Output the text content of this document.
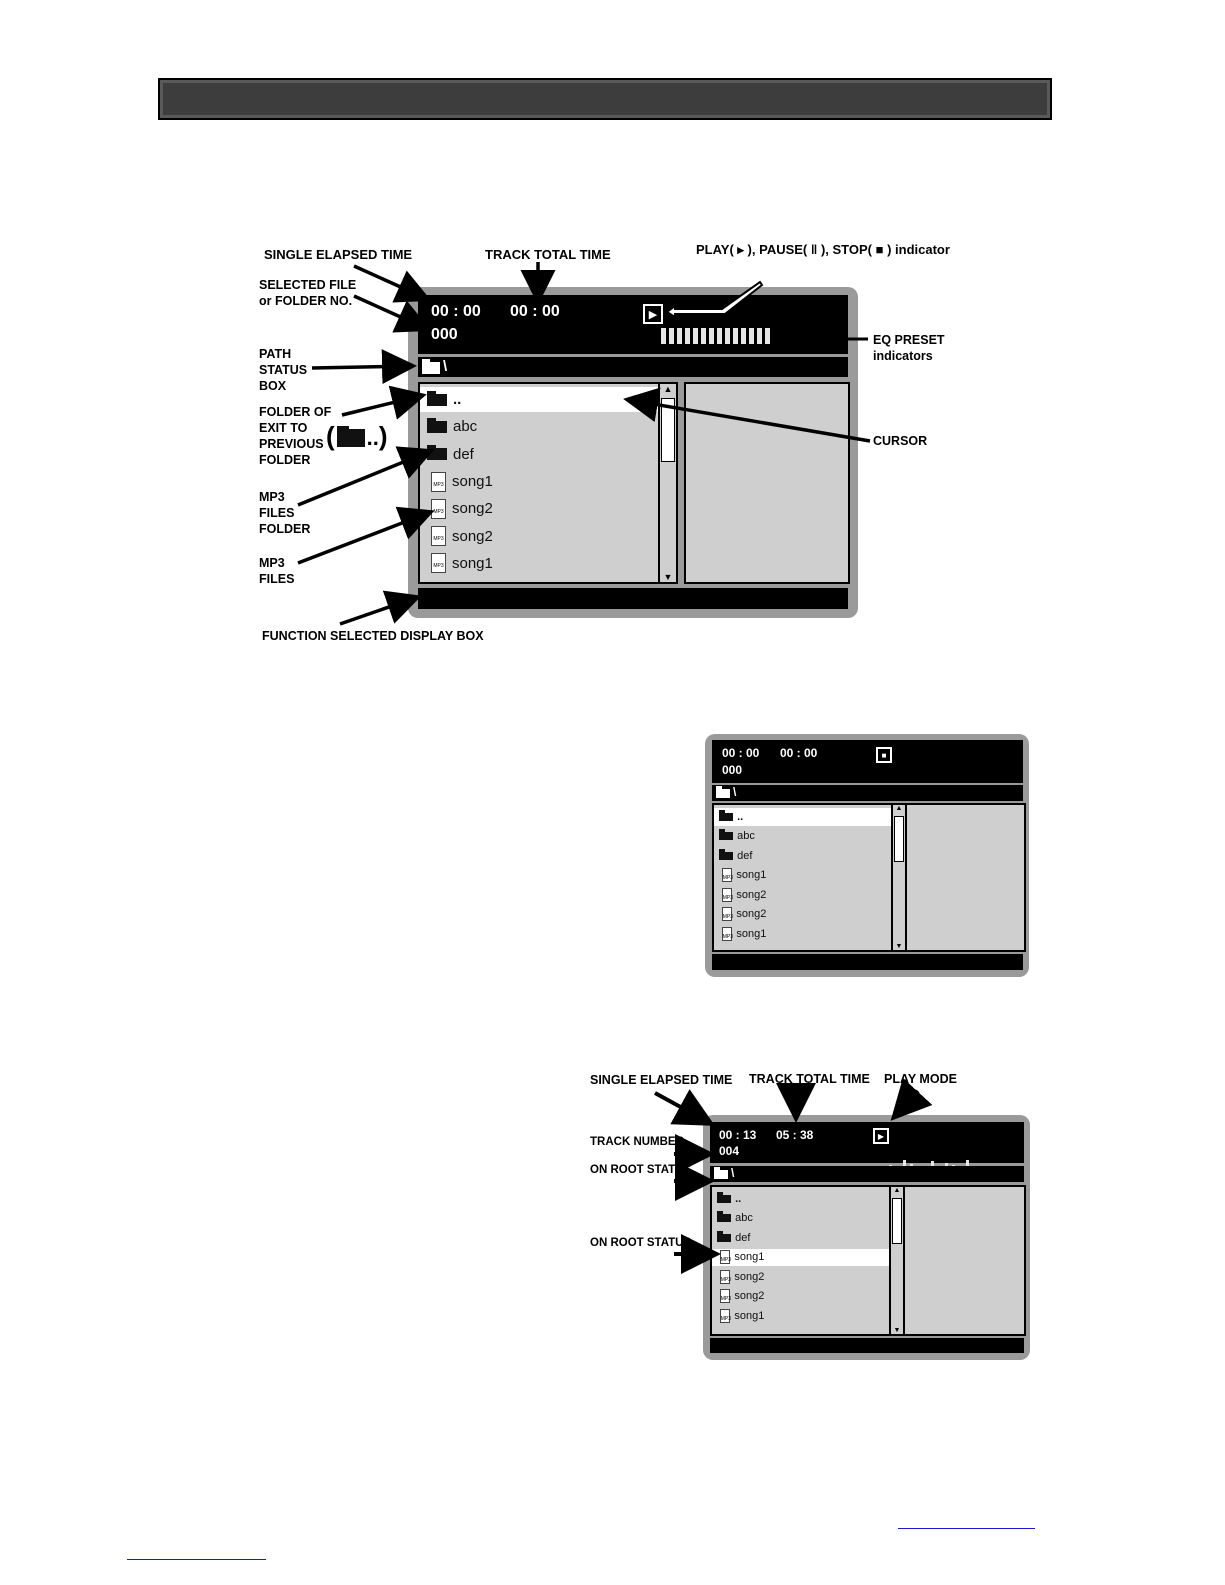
SINGLE ELAPSED TIME	TRACK TOTAL TIME	PLAY( ▸ ), PAUSE( ‖ ), STOP( ■ ) indicator
SELECTED FILE
or FOLDER NO.
PATH
STATUS
BOX
EQ PRESET
indicators
FOLDER OF
EXIT TO
PREVIOUS
FOLDER
( ..)	CURSOR
MP3
FILES
FOLDER
MP3
FILES
FUNCTION SELECTED DISPLAY BOX
00 : 00 00 : 00
000
▶
\
..
abc
def
MP3 song1
MP3 song2
MP3 song2
MP3 song1
▲
▼
00 : 00 00 : 00
000
■
\
..
abc
def
MP3 song1
MP3 song2
MP3 song2
MP3 song1
▲
▼
SINGLE ELAPSED TIME TRACK TOTAL TIME PLAY MODE
TRACK NUMBER
ON ROOT STATUS
ON ROOT STATUS
00 : 13 05 : 38
004
▶
\
..
abc
def
MP3 song1
MP3 song2
MP3 song2
MP3 song1
▲
▼
